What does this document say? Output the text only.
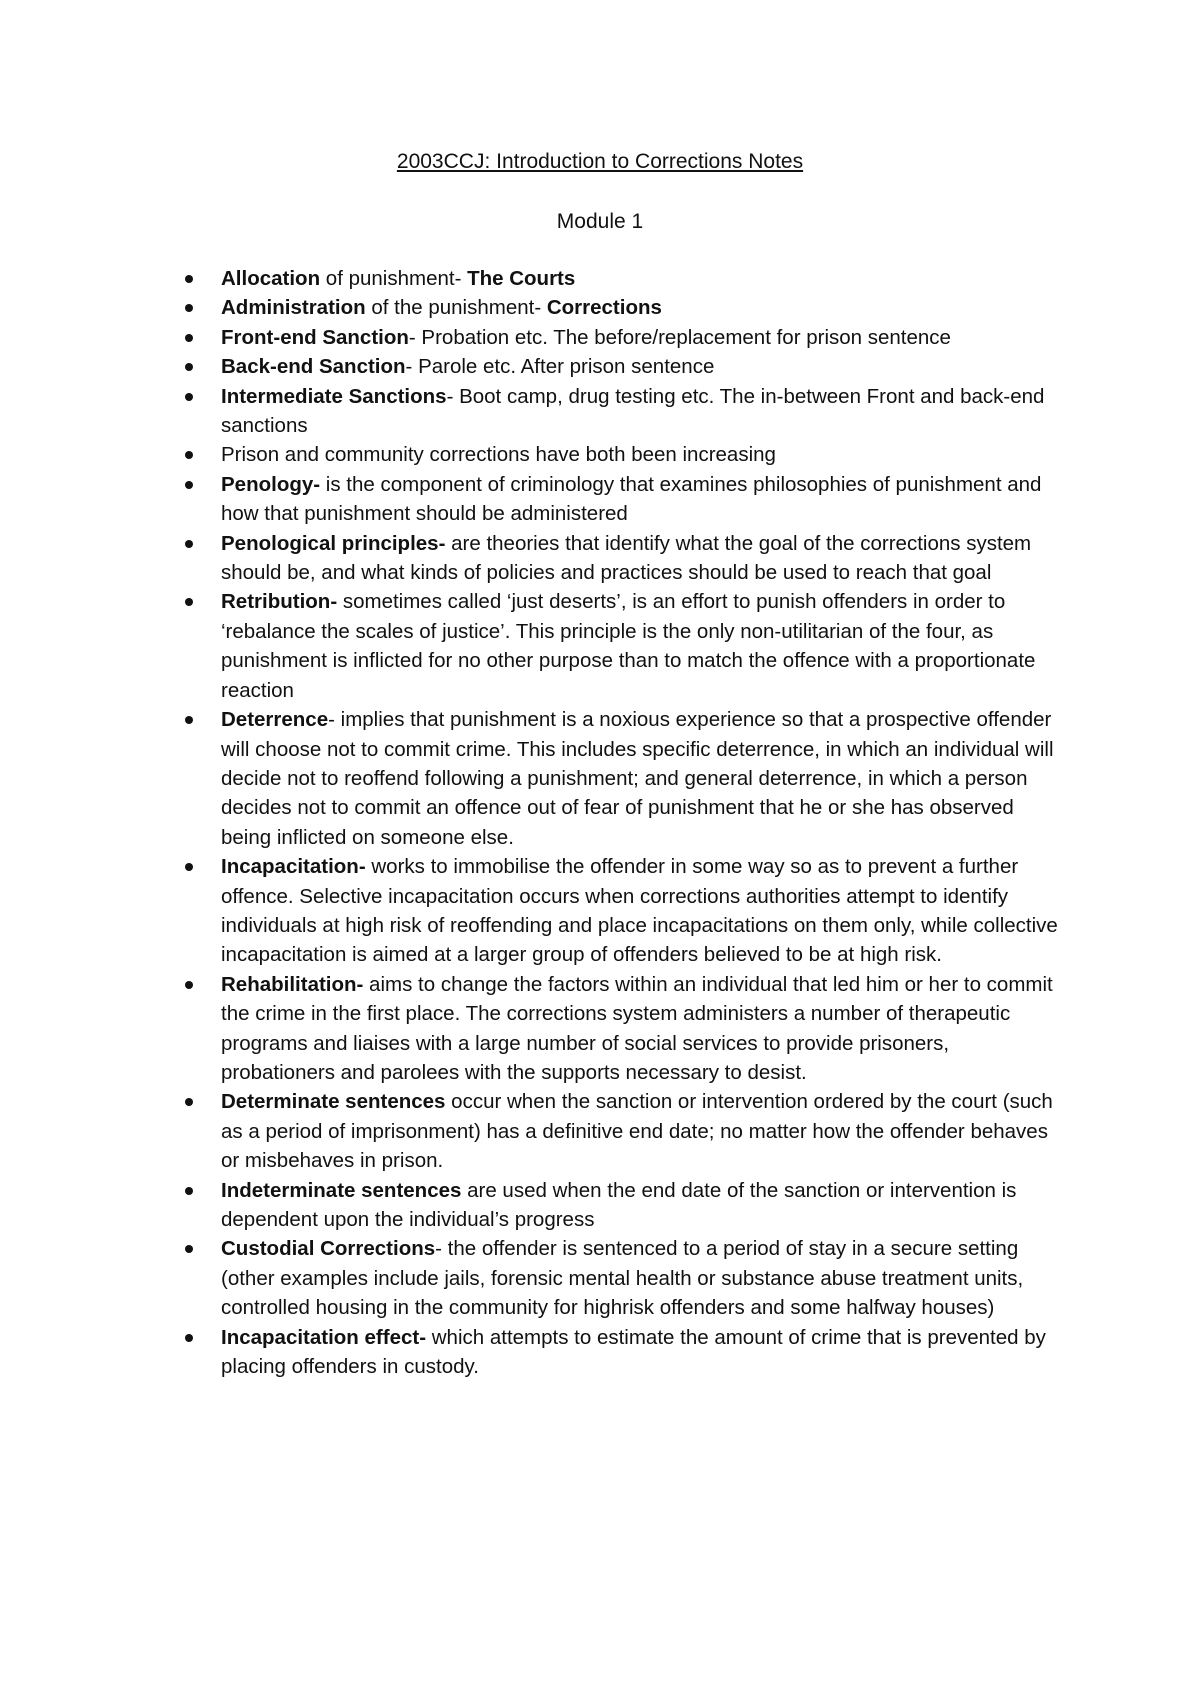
2003CCJ: Introduction to Corrections Notes
Module 1
Allocation of punishment- The Courts
Administration of the punishment- Corrections
Front-end Sanction- Probation etc. The before/replacement for prison sentence
Back-end Sanction- Parole etc. After prison sentence
Intermediate Sanctions- Boot camp, drug testing etc. The in-between Front and back-end sanctions
Prison and community corrections have both been increasing
Penology- is the component of criminology that examines philosophies of punishment and how that punishment should be administered
Penological principles- are theories that identify what the goal of the corrections system should be, and what kinds of policies and practices should be used to reach that goal
Retribution- sometimes called ‘just deserts’, is an effort to punish offenders in order to ‘rebalance the scales of justice’. This principle is the only non-utilitarian of the four, as punishment is inflicted for no other purpose than to match the offence with a proportionate reaction
Deterrence- implies that punishment is a noxious experience so that a prospective offender will choose not to commit crime. This includes specific deterrence, in which an individual will decide not to reoffend following a punishment; and general deterrence, in which a person decides not to commit an offence out of fear of punishment that he or she has observed being inflicted on someone else.
Incapacitation- works to immobilise the offender in some way so as to prevent a further offence. Selective incapacitation occurs when corrections authorities attempt to identify individuals at high risk of reoffending and place incapacitations on them only, while collective incapacitation is aimed at a larger group of offenders believed to be at high risk.
Rehabilitation- aims to change the factors within an individual that led him or her to commit the crime in the first place. The corrections system administers a number of therapeutic programs and liaises with a large number of social services to provide prisoners, probationers and parolees with the supports necessary to desist.
Determinate sentences occur when the sanction or intervention ordered by the court (such as a period of imprisonment) has a definitive end date; no matter how the offender behaves or misbehaves in prison.
Indeterminate sentences are used when the end date of the sanction or intervention is dependent upon the individual’s progress
Custodial Corrections- the offender is sentenced to a period of stay in a secure setting (other examples include jails, forensic mental health or substance abuse treatment units, controlled housing in the community for highrisk offenders and some halfway houses)
Incapacitation effect- which attempts to estimate the amount of crime that is prevented by placing offenders in custody.
